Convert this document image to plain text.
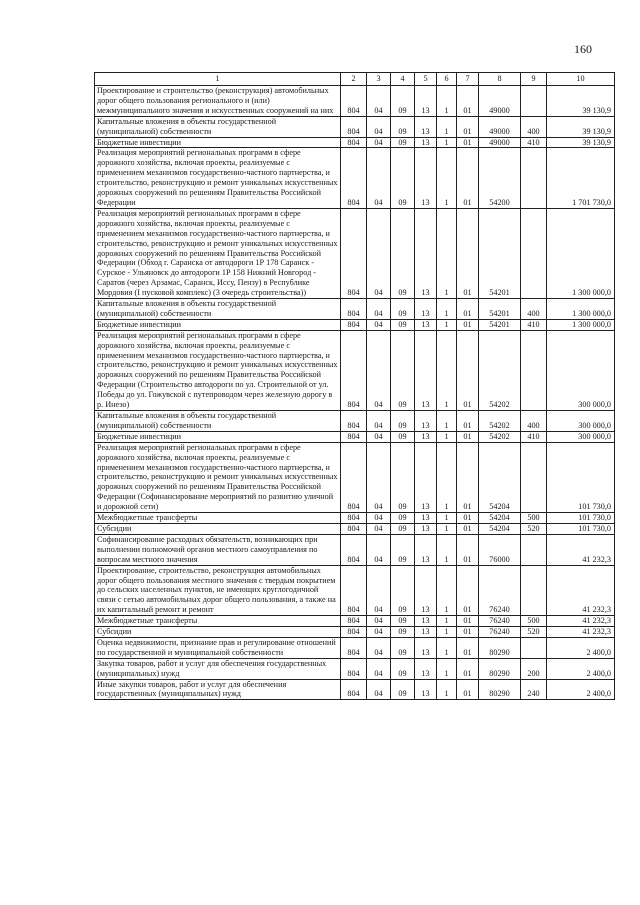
160
1	2	3	4	5	6	7	8	9	10
Проектирование и строительство (реконструкция) автомобильных дорог общего пользования регионального и (или) межмуниципального значения и искусственных сооружений на них	804	04	09	13	1	01	49000		39 130,9
Капитальные вложения в объекты государственной (муниципальной) собственности	804	04	09	13	1	01	49000	400	39 130,9
Бюджетные инвестиции	804	04	09	13	1	01	49000	410	39 130,9
Реализация мероприятий региональных программ в сфере дорожного хозяйства, включая проекты, реализуемые с применением механизмов государственно-частного партнерства, и строительство, реконструкцию и ремонт уникальных искусственных дорожных сооружений по решениям Правительства Российской Федерации	804	04	09	13	1	01	54200		1 701 730,0
Реализация мероприятий региональных программ в сфере дорожного хозяйства, включая проекты, реализуемые с применением механизмов государственно-частного партнерства, и строительство, реконструкцию и ремонт уникальных искусственных дорожных сооружений по решениям Правительства Российской Федерации (Обход г. Саранска от автодороги 1Р 178 Саранск - Сурское - Ульяновск до автодороги 1Р 158 Нижний Новгород - Саратов (через Арзамас, Саранск, Исcу, Пензу) в Республике Мордовия (I пусковой комплекс) (3 очередь строительства))	804	04	09	13	1	01	54201		1 300 000,0
Капитальные вложения в объекты государственной (муниципальной) собственности	804	04	09	13	1	01	54201	400	1 300 000,0
Бюджетные инвестиции	804	04	09	13	1	01	54201	410	1 300 000,0
Реализация мероприятий региональных программ в сфере дорожного хозяйства, включая проекты, реализуемые с применением механизмов государственно-частного партнерства, и строительство, реконструкцию и ремонт уникальных искусственных дорожных сооружений по решениям Правительства Российской Федерации (Строительство автодороги по ул. Строительной от ул. Победы до ул. Гожувской с путепроводом через железную дорогу в р. Инезо)	804	04	09	13	1	01	54202		300 000,0
Капитальные вложения в объекты государственной (муниципальной) собственности	804	04	09	13	1	01	54202	400	300 000,0
Бюджетные инвестиции	804	04	09	13	1	01	54202	410	300 000,0
Реализация мероприятий региональных программ в сфере дорожного хозяйства, включая проекты, реализуемые с применением механизмов государственно-частного партнерства, и строительство, реконструкцию и ремонт уникальных искусственных дорожных сооружений по решениям Правительства Российской Федерации (Софинансирование мероприятий по развитию уличной и дорожной сети)	804	04	09	13	1	01	54204		101 730,0
Межбюджетные трансферты	804	04	09	13	1	01	54204	500	101 730,0
Субсидии	804	04	09	13	1	01	54204	520	101 730,0
Софинансирование расходных обязательств, возникающих при выполнении полномочий органов местного самоуправления по вопросам местного значения	804	04	09	13	1	01	76000		41 232,3
Проектирование, строительство, реконструкция автомобильных дорог общего пользования местного значения с твердым покрытием до сельских населенных пунктов, не имеющих круглогодичной связи с сетью автомобильных дорог общего пользования, а также на их капитальный ремонт и ремонт	804	04	09	13	1	01	76240		41 232,3
Межбюджетные трансферты	804	04	09	13	1	01	76240	500	41 232,3
Субсидии	804	04	09	13	1	01	76240	520	41 232,3
Оценка недвижимости, признание прав и регулирование отношений по государственной и муниципальной собственности	804	04	09	13	1	01	80290		2 400,0
Закупка товаров, работ и услуг для обеспечения государственных (муниципальных) нужд	804	04	09	13	1	01	80290	200	2 400,0
Иные закупки товаров, работ и услуг для обеспечения государственных (муниципальных) нужд	804	04	09	13	1	01	80290	240	2 400,0
